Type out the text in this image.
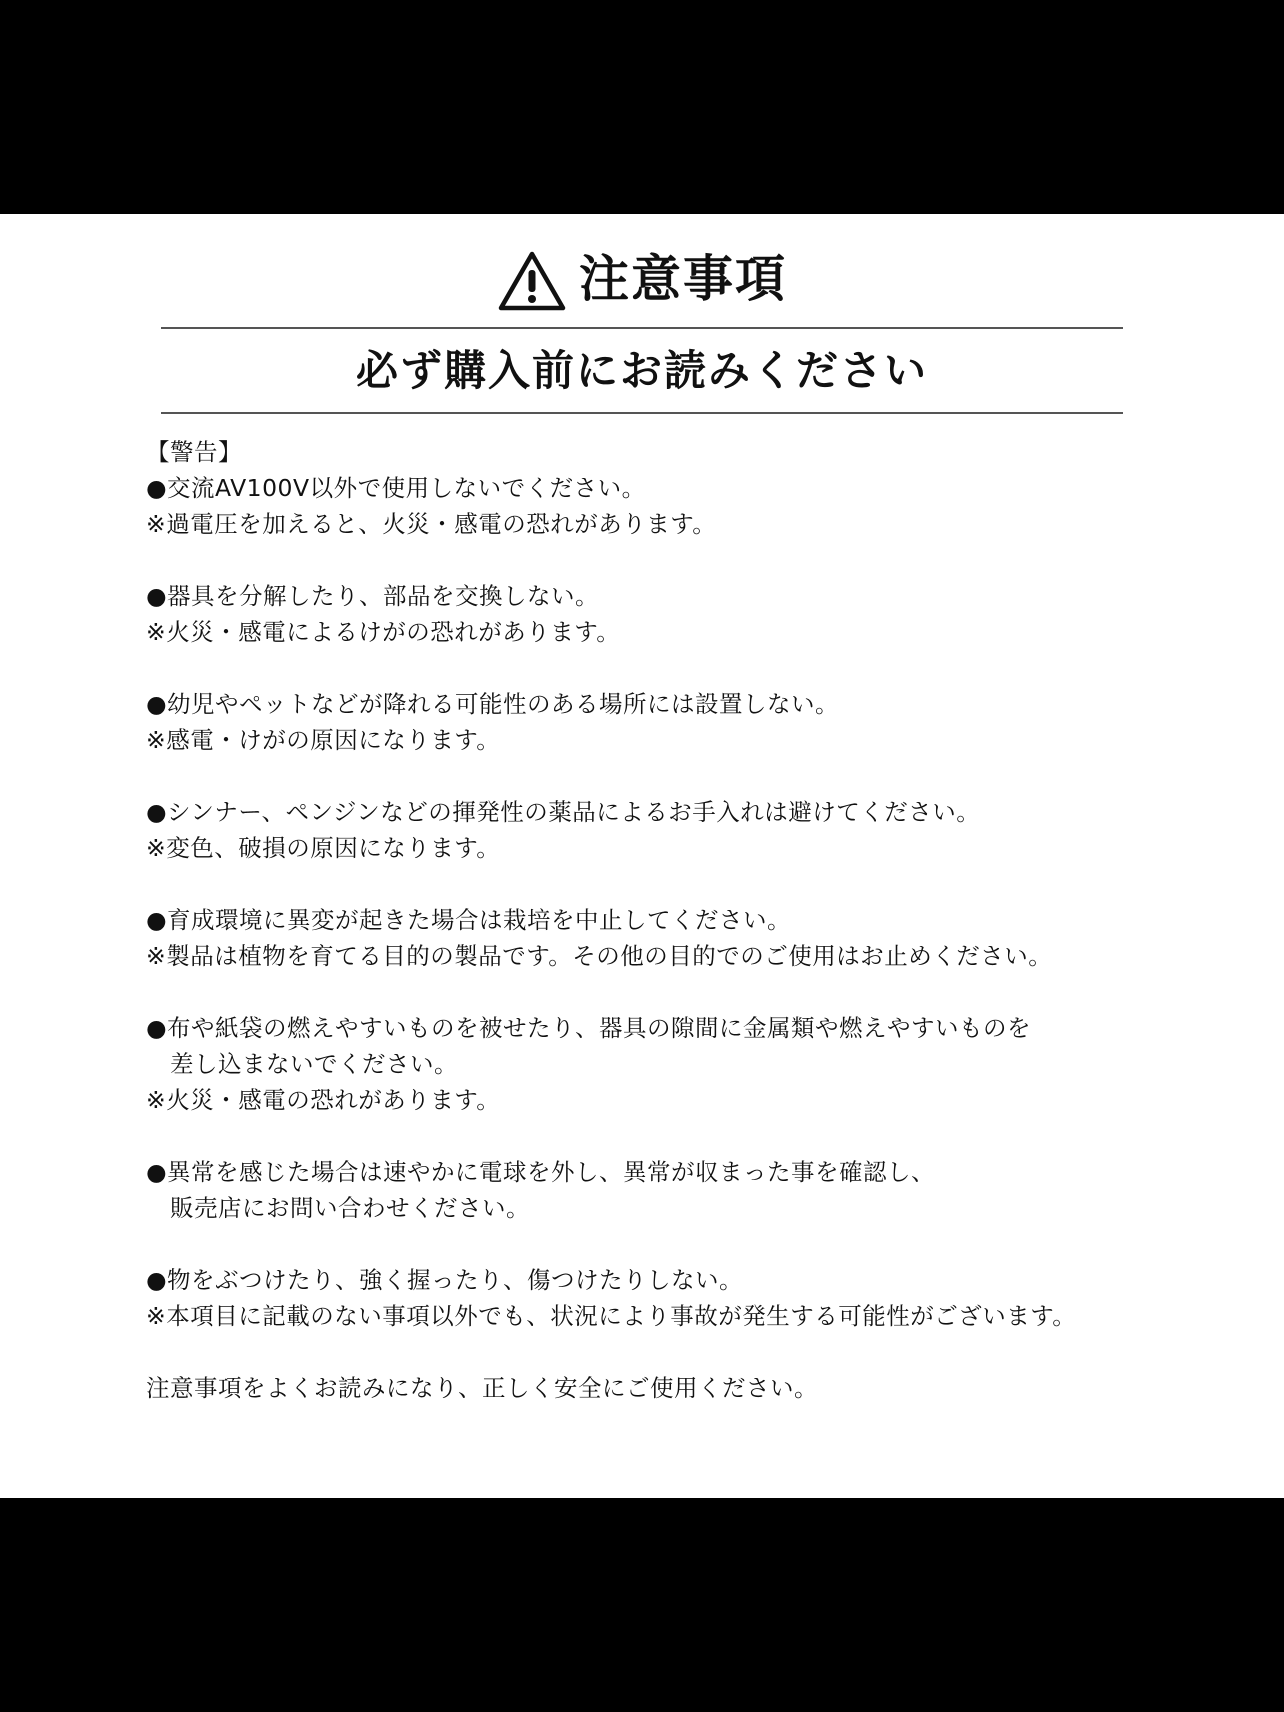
注意事項
必ず購入前にお読みください
【警告】
●交流AV100V以外で使用しないでください。
※過電圧を加えると、火災・感電の恐れがあります。
●器具を分解したり、部品を交換しない。
※火災・感電によるけがの恐れがあります。
●幼児やペットなどが降れる可能性のある場所には設置しない。
※感電・けがの原因になります。
●シンナー、ペンジンなどの揮発性の薬品によるお手入れは避けてください。
※変色、破損の原因になります。
●育成環境に異変が起きた場合は栽培を中止してください。
※製品は植物を育てる目的の製品です。その他の目的でのご使用はお止めください。
●布や紙袋の燃えやすいものを被せたり、器具の隙間に金属類や燃えやすいものを
差し込まないでください。
※火災・感電の恐れがあります。
●異常を感じた場合は速やかに電球を外し、異常が収まった事を確認し、
販売店にお問い合わせください。
●物をぶつけたり、強く握ったり、傷つけたりしない。
※本項目に記載のない事項以外でも、状況により事故が発生する可能性がございます。
注意事項をよくお読みになり、正しく安全にご使用ください。
